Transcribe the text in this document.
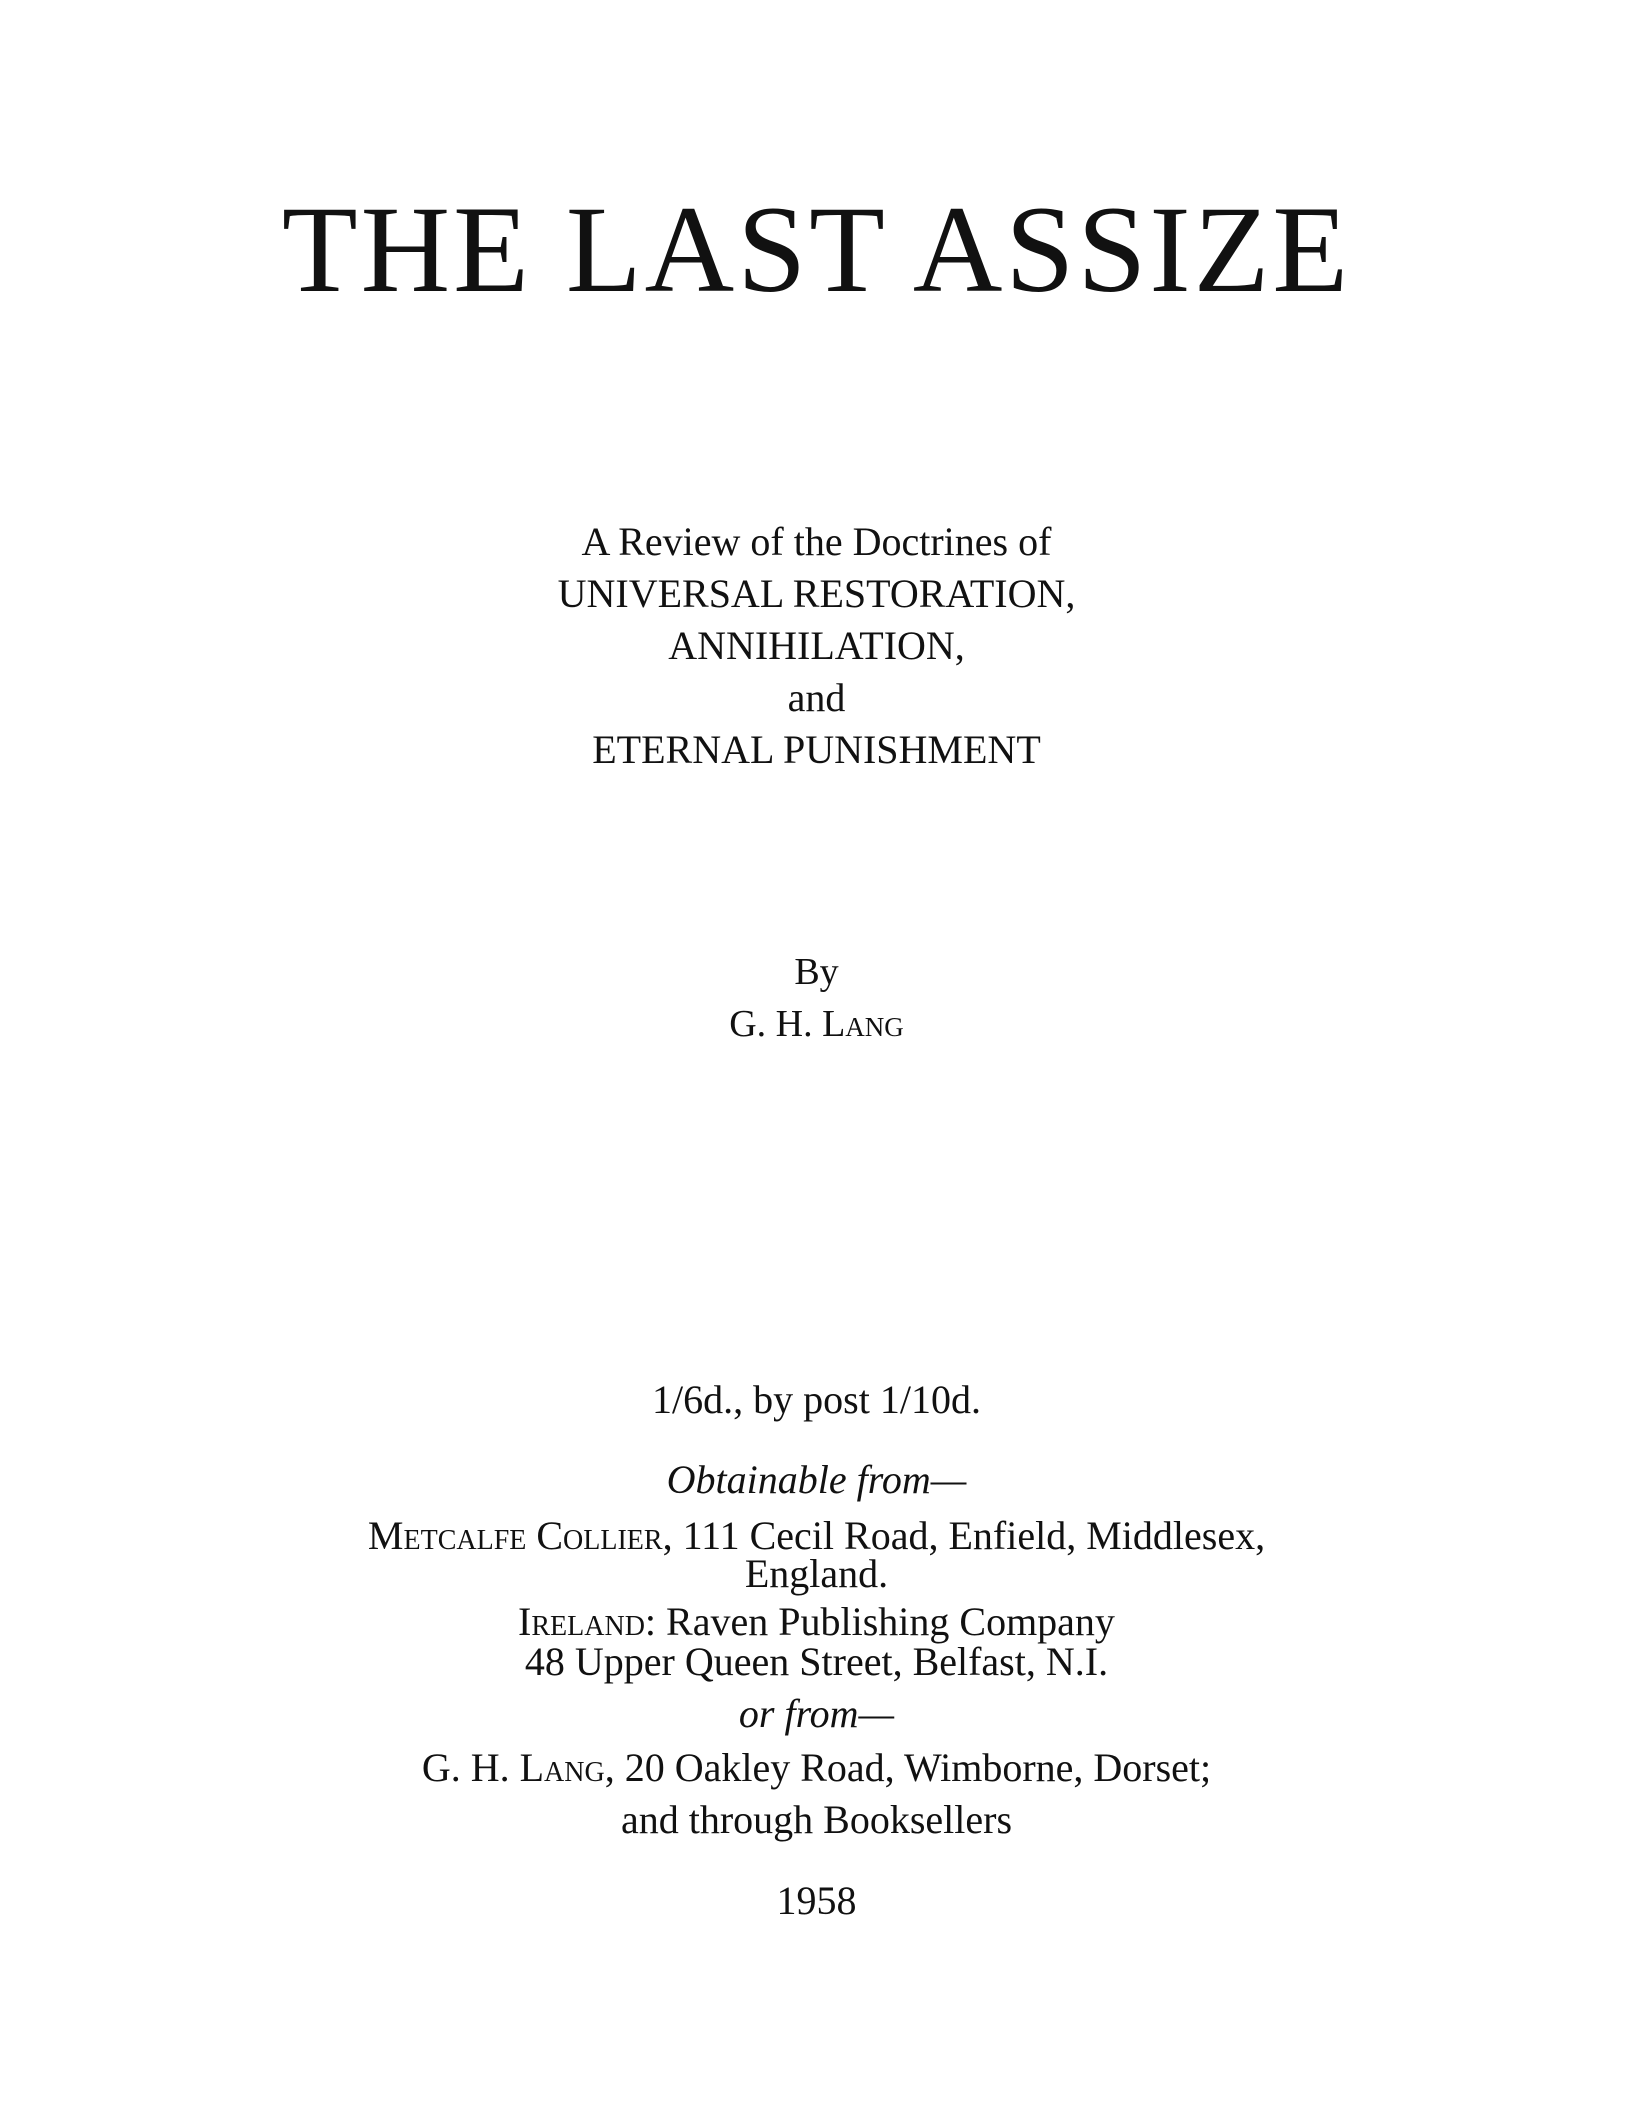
THE LAST ASSIZE
A Review of the Doctrines of
UNIVERSAL RESTORATION,
ANNIHILATION,
and
ETERNAL PUNISHMENT
By
G. H. Lang
1/6d., by post 1/10d.
Obtainable from—
Metcalfe Collier, 111 Cecil Road, Enfield, Middlesex,
England.
Ireland: Raven Publishing Company
48 Upper Queen Street, Belfast, N.I.
or from—
G. H. Lang, 20 Oakley Road, Wimborne, Dorset;
and through Booksellers
1958
